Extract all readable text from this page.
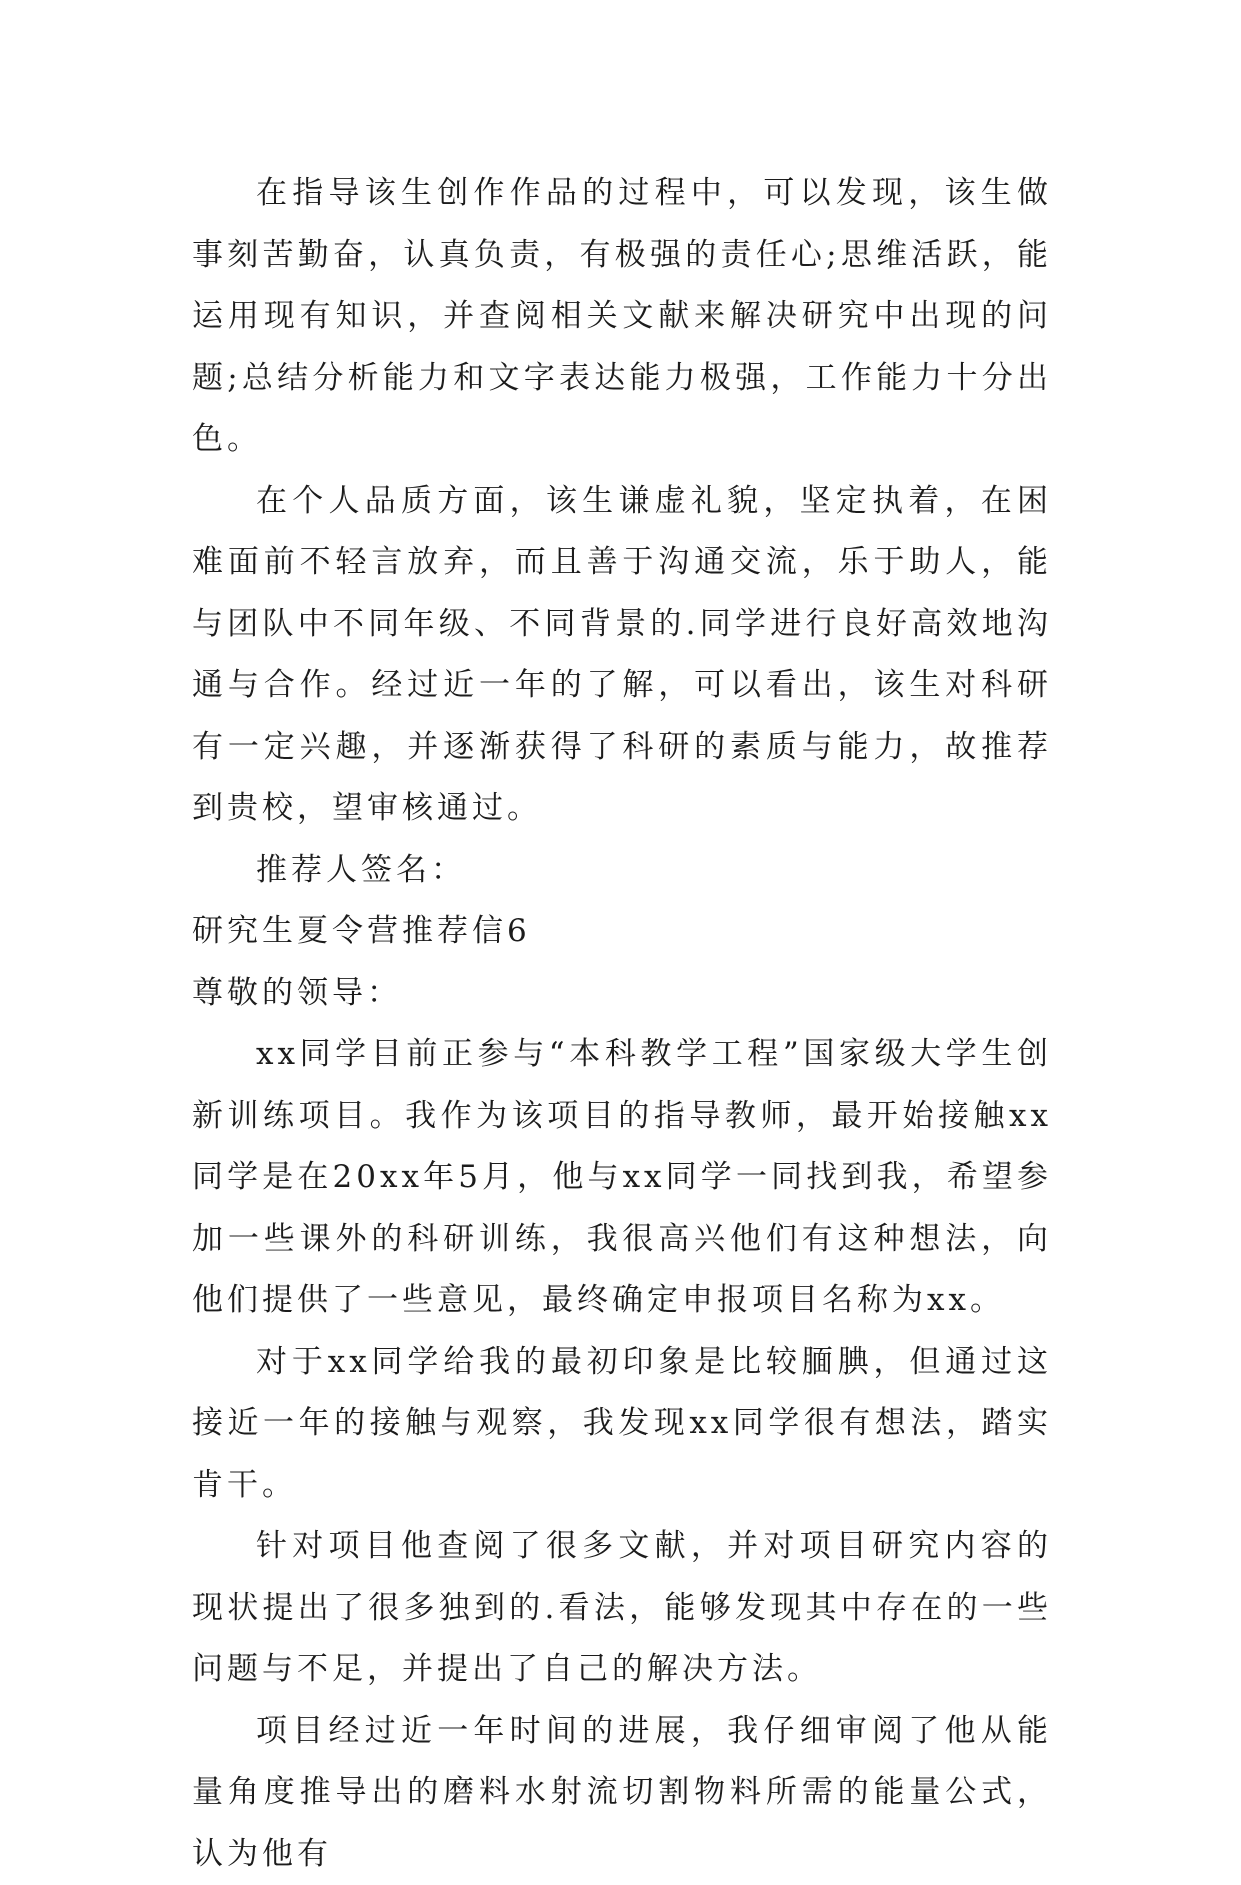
在指导该生创作作品的过程中，可以发现，该生做事刻苦勤奋，认真负责，有极强的责任心;思维活跃，能运用现有知识，并查阅相关文献来解决研究中出现的问题;总结分析能力和文字表达能力极强，工作能力十分出色。

在个人品质方面，该生谦虚礼貌，坚定执着，在困难面前不轻言放弃，而且善于沟通交流，乐于助人，能与团队中不同年级、不同背景的.同学进行良好高效地沟通与合作。经过近一年的了解，可以看出，该生对科研有一定兴趣，并逐渐获得了科研的素质与能力，故推荐到贵校，望审核通过。

推荐人签名：

研究生夏令营推荐信6

尊敬的领导：

xx同学目前正参与“本科教学工程”国家级大学生创新训练项目。我作为该项目的指导教师，最开始接触xx同学是在20xx年5月，他与xx同学一同找到我，希望参加一些课外的科研训练，我很高兴他们有这种想法，向他们提供了一些意见，最终确定申报项目名称为xx。

对于xx同学给我的最初印象是比较腼腆，但通过这接近一年的接触与观察，我发现xx同学很有想法，踏实肯干。

针对项目他查阅了很多文献，并对项目研究内容的现状提出了很多独到的.看法，能够发现其中存在的一些问题与不足，并提出了自己的解决方法。

项目经过近一年时间的进展，我仔细审阅了他从能量角度推导出的磨料水射流切割物料所需的能量公式，认为他有
